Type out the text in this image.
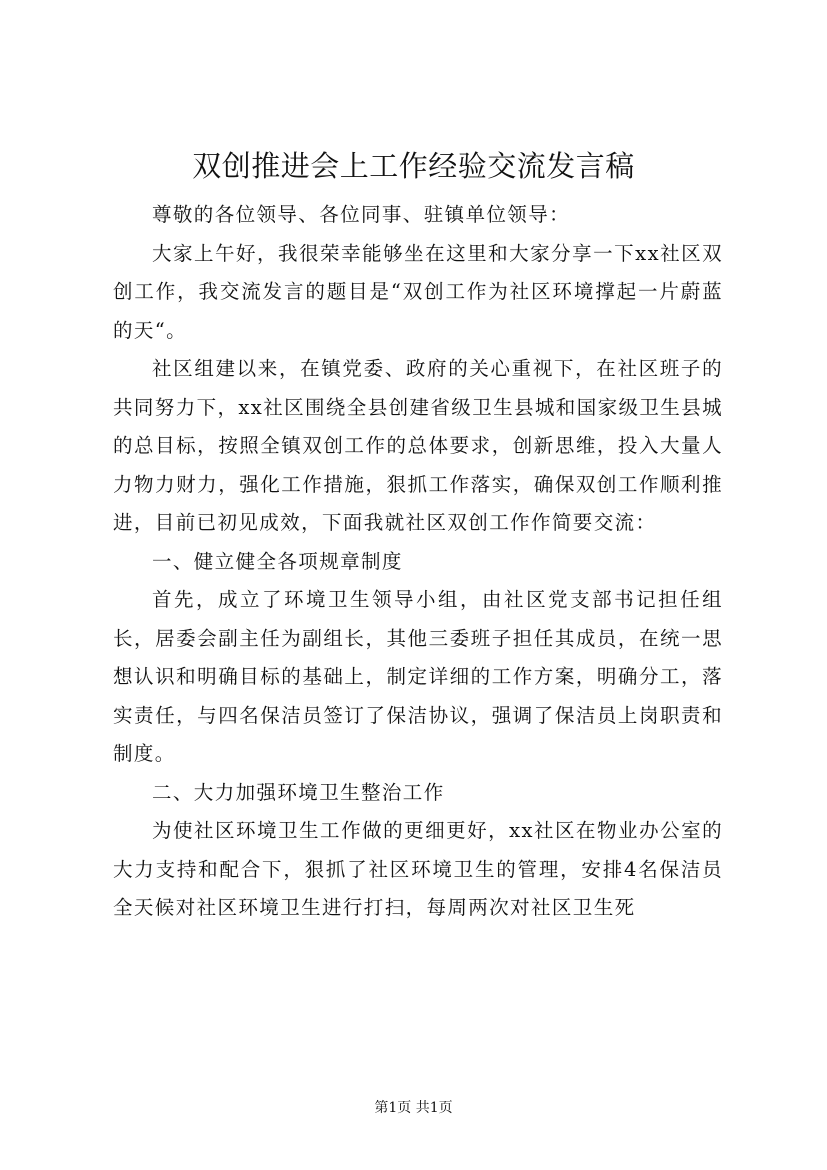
双创推进会上工作经验交流发言稿

尊敬的各位领导、各位同事、驻镇单位领导：

大家上午好，我很荣幸能够坐在这里和大家分享一下xx社区双创工作，我交流发言的题目是“双创工作为社区环境撑起一片蔚蓝的天“。

社区组建以来，在镇党委、政府的关心重视下，在社区班子的共同努力下，xx社区围绕全县创建省级卫生县城和国家级卫生县城的总目标，按照全镇双创工作的总体要求，创新思维，投入大量人力物力财力，强化工作措施，狠抓工作落实，确保双创工作顺利推进，目前已初见成效，下面我就社区双创工作作简要交流：

一、健立健全各项规章制度

首先，成立了环境卫生领导小组，由社区党支部书记担任组长，居委会副主任为副组长，其他三委班子担任其成员，在统一思想认识和明确目标的基础上，制定详细的工作方案，明确分工，落实责任，与四名保洁员签订了保洁协议，强调了保洁员上岗职责和制度。

二、大力加强环境卫生整治工作

为使社区环境卫生工作做的更细更好，xx社区在物业办公室的大力支持和配合下，狠抓了社区环境卫生的管理，安排4名保洁员全天候对社区环境卫生进行打扫，每周两次对社区卫生死

第1页 共1页
